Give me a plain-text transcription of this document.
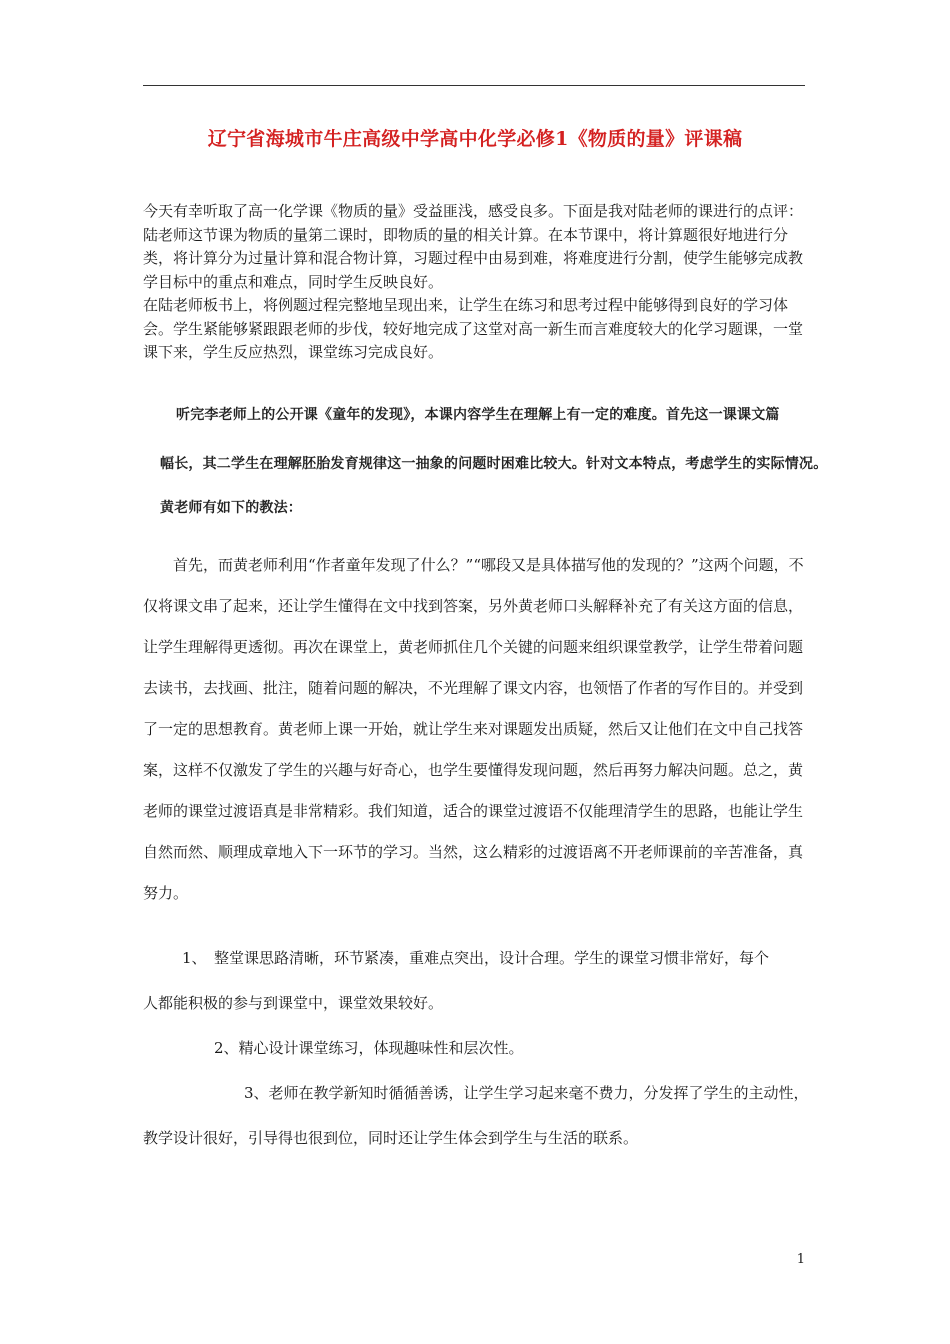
辽宁省海城市牛庄高级中学高中化学必修1《物质的量》评课稿

今天有幸听取了高一化学课《物质的量》受益匪浅，感受良多。下面是我对陆老师的课进行的点评：

陆老师这节课为物质的量第二课时，即物质的量的相关计算。在本节课中，将计算题很好地进行分类，将计算分为过量计算和混合物计算，习题过程中由易到难，将难度进行分割，使学生能够完成教学目标中的重点和难点，同时学生反映良好。

在陆老师板书上，将例题过程完整地呈现出来，让学生在练习和思考过程中能够得到良好的学习体会。学生紧能够紧跟跟老师的步伐，较好地完成了这堂对高一新生而言难度较大的化学习题课，一堂课下来，学生反应热烈，课堂练习完成良好。

听完李老师上的公开课《童年的发现》，本课内容学生在理解上有一定的难度。首先这一课课文篇
幅长，其二学生在理解胚胎发育规律这一抽象的问题时困难比较大。针对文本特点，考虑学生的实际情况。
黄老师有如下的教法：

首先，而黄老师利用“作者童年发现了什么？”“哪段又是具体描写他的发现的？”这两个问题，不仅将课文串了起来，还让学生懂得在文中找到答案，另外黄老师口头解释补充了有关这方面的信息，让学生理解得更透彻。再次在课堂上，黄老师抓住几个关键的问题来组织课堂教学，让学生带着问题去读书，去找画、批注，随着问题的解决，不光理解了课文内容，也领悟了作者的写作目的。并受到了一定的思想教育。黄老师上课一开始，就让学生来对课题发出质疑，然后又让他们在文中自己找答案，这样不仅激发了学生的兴趣与好奇心，也学生要懂得发现问题，然后再努力解决问题。总之，黄老师的课堂过渡语真是非常精彩。我们知道，适合的课堂过渡语不仅能理清学生的思路，也能让学生自然而然、顺理成章地入下一环节的学习。当然，这么精彩的过渡语离不开老师课前的辛苦准备，真努力。

1、　整堂课思路清晰，环节紧凑，重难点突出，设计合理。学生的课堂习惯非常好，每个
人都能积极的参与到课堂中，课堂效果较好。
2、精心设计课堂练习，体现趣味性和层次性。
3、老师在教学新知时循循善诱，让学生学习起来毫不费力，分发挥了学生的主动性，
教学设计很好，引导得也很到位，同时还让学生体会到学生与生活的联系。
1
